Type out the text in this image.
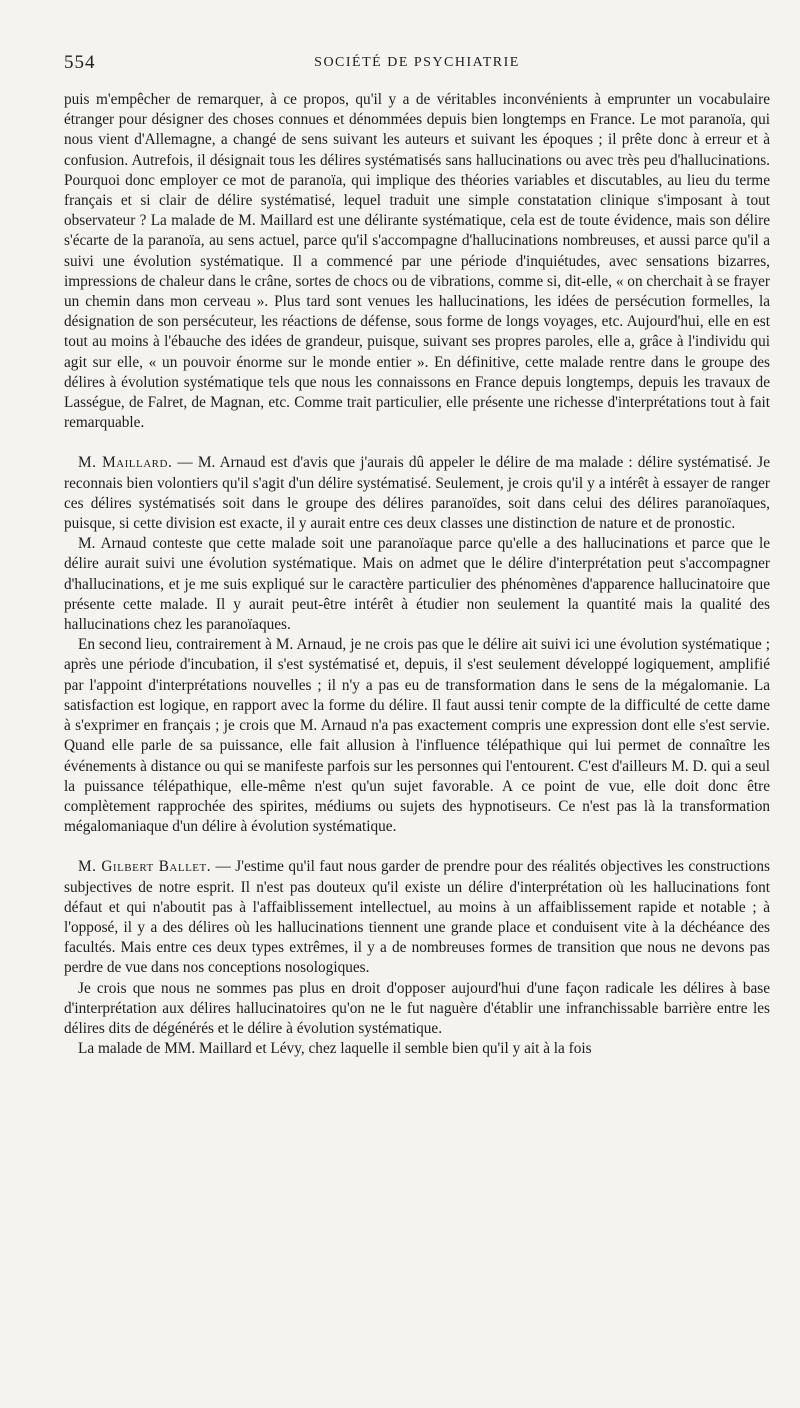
554	SOCIÉTÉ DE PSYCHIATRIE

puis m'empêcher de remarquer, à ce propos, qu'il y a de véritables inconvénients à emprunter un vocabulaire étranger pour désigner des choses connues et dénommées depuis bien longtemps en France. Le mot paranoïa, qui nous vient d'Allemagne, a changé de sens suivant les auteurs et suivant les époques ; il prête donc à erreur et à confusion. Autrefois, il désignait tous les délires systématisés sans hallucinations ou avec très peu d'hallucinations. Pourquoi donc employer ce mot de paranoïa, qui implique des théories variables et discutables, au lieu du terme français et si clair de délire systématisé, lequel traduit une simple constatation clinique s'imposant à tout observateur ? La malade de M. Maillard est une délirante systématique, cela est de toute évidence, mais son délire s'écarte de la paranoïa, au sens actuel, parce qu'il s'accompagne d'hallucinations nombreuses, et aussi parce qu'il a suivi une évolution systématique. Il a commencé par une période d'inquiétudes, avec sensations bizarres, impressions de chaleur dans le crâne, sortes de chocs ou de vibrations, comme si, dit-elle, « on cherchait à se frayer un chemin dans mon cerveau ». Plus tard sont venues les hallucinations, les idées de persécution formelles, la désignation de son persécuteur, les réactions de défense, sous forme de longs voyages, etc. Aujourd'hui, elle en est tout au moins à l'ébauche des idées de grandeur, puisque, suivant ses propres paroles, elle a, grâce à l'individu qui agit sur elle, « un pouvoir énorme sur le monde entier ». En définitive, cette malade rentre dans le groupe des délires à évolution systématique tels que nous les connaissons en France depuis longtemps, depuis les travaux de Lasségue, de Falret, de Magnan, etc. Comme trait particulier, elle présente une richesse d'interprétations tout à fait remarquable.

M. Maillard. — M. Arnaud est d'avis que j'aurais dû appeler le délire de ma malade : délire systématisé. Je reconnais bien volontiers qu'il s'agit d'un délire systématisé. Seulement, je crois qu'il y a intérêt à essayer de ranger ces délires systématisés soit dans le groupe des délires paranoïdes, soit dans celui des délires paranoïaques, puisque, si cette division est exacte, il y aurait entre ces deux classes une distinction de nature et de pronostic.

M. Arnaud conteste que cette malade soit une paranoïaque parce qu'elle a des hallucinations et parce que le délire aurait suivi une évolution systématique. Mais on admet que le délire d'interprétation peut s'accompagner d'hallucinations, et je me suis expliqué sur le caractère particulier des phénomènes d'apparence hallucinatoire que présente cette malade. Il y aurait peut-être intérêt à étudier non seulement la quantité mais la qualité des hallucinations chez les paranoïaques.

En second lieu, contrairement à M. Arnaud, je ne crois pas que le délire ait suivi ici une évolution systématique ; après une période d'incubation, il s'est systématisé et, depuis, il s'est seulement développé logiquement, amplifié par l'appoint d'interprétations nouvelles ; il n'y a pas eu de transformation dans le sens de la mégalomanie. La satisfaction est logique, en rapport avec la forme du délire. Il faut aussi tenir compte de la difficulté de cette dame à s'exprimer en français ; je crois que M. Arnaud n'a pas exactement compris une expression dont elle s'est servie. Quand elle parle de sa puissance, elle fait allusion à l'influence télépathique qui lui permet de connaître les événements à distance ou qui se manifeste parfois sur les personnes qui l'entourent. C'est d'ailleurs M. D. qui a seul la puissance télépathique, elle-même n'est qu'un sujet favorable. A ce point de vue, elle doit donc être complètement rapprochée des spirites, médiums ou sujets des hypnotiseurs. Ce n'est pas là la transformation mégalomaniaque d'un délire à évolution systématique.

M. Gilbert Ballet. — J'estime qu'il faut nous garder de prendre pour des réalités objectives les constructions subjectives de notre esprit. Il n'est pas douteux qu'il existe un délire d'interprétation où les hallucinations font défaut et qui n'aboutit pas à l'affaiblissement intellectuel, au moins à un affaiblissement rapide et notable ; à l'opposé, il y a des délires où les hallucinations tiennent une grande place et conduisent vite à la déchéance des facultés. Mais entre ces deux types extrêmes, il y a de nombreuses formes de transition que nous ne devons pas perdre de vue dans nos conceptions nosologiques.

Je crois que nous ne sommes pas plus en droit d'opposer aujourd'hui d'une façon radicale les délires à base d'interprétation aux délires hallucinatoires qu'on ne le fut naguère d'établir une infranchissable barrière entre les délires dits de dégénérés et le délire à évolution systématique.

La malade de MM. Maillard et Lévy, chez laquelle il semble bien qu'il y ait à la fois
